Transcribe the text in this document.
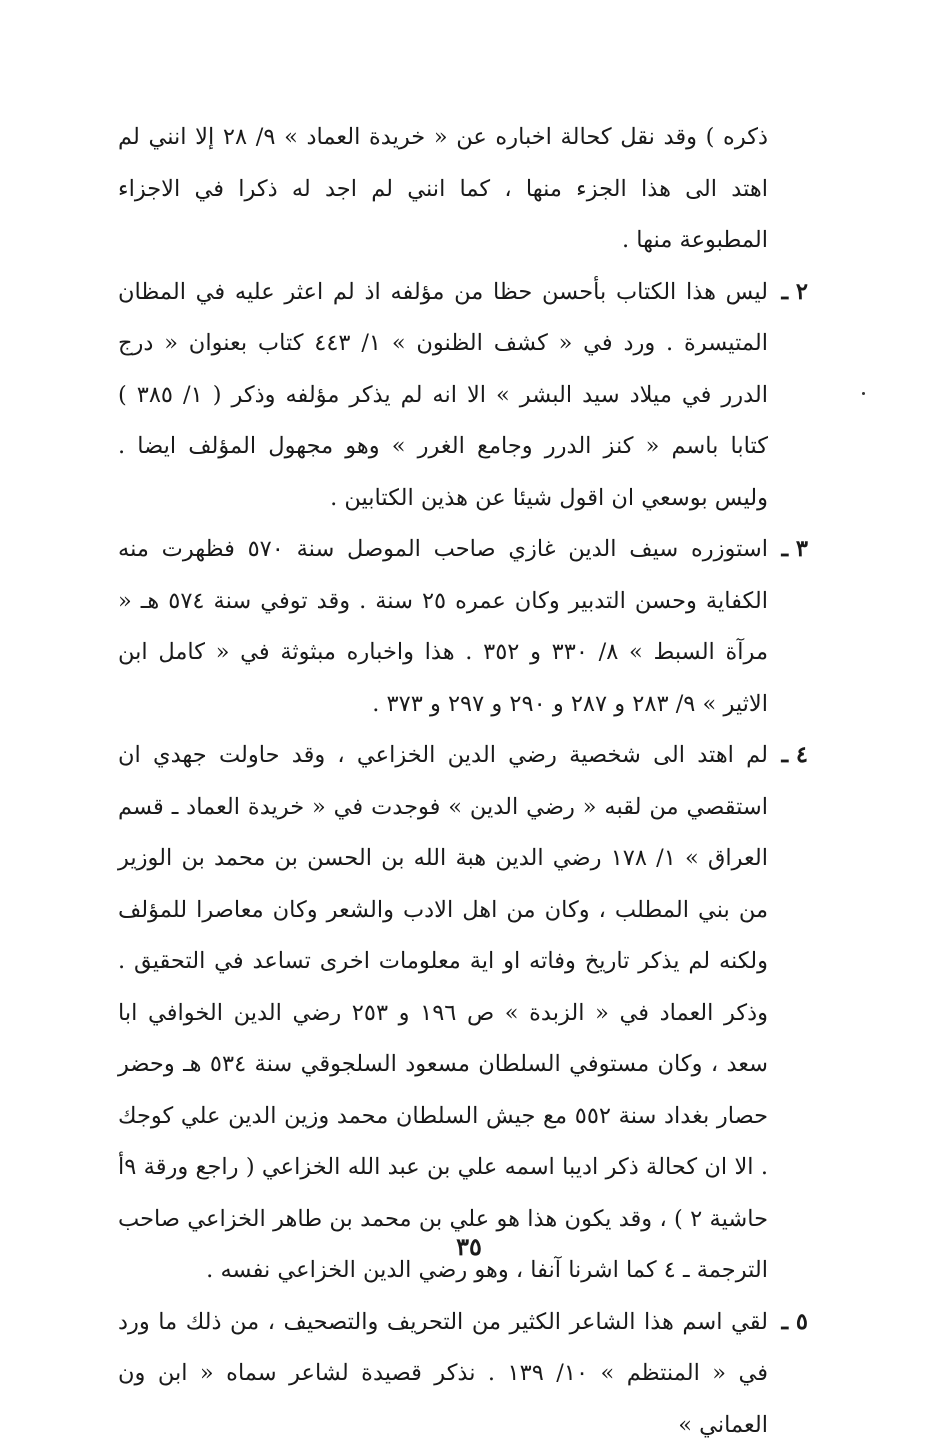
ذكره ) وقد نقل كحالة اخباره عن « خريدة العماد » ٩/ ٢٨ إلا انني لم اهتد الى هذا الجزء منها ، كما انني لم اجد له ذكرا في الاجزاء المطبوعة منها .
٢ ـ
ليس هذا الكتاب بأحسن حظا من مؤلفه اذ لم اعثر عليه في المظان المتيسرة . ورد في « كشف الظنون » ١/ ٤٤٣ كتاب بعنوان « درج الدرر في ميلاد سيد البشر » الا انه لم يذكر مؤلفه وذكر ( ١/ ٣٨٥ ) كتابا باسم « كنز الدرر وجامع الغرر » وهو مجهول المؤلف ايضا . وليس بوسعي ان اقول شيئا عن هذين الكتابين .
٣ ـ
استوزره سيف الدين غازي صاحب الموصل سنة ٥٧٠ فظهرت منه الكفاية وحسن التدبير وكان عمره ٢٥ سنة . وقد توفي سنة ٥٧٤ هـ « مرآة السبط » ٨/ ٣٣٠ و ٣٥٢ . هذا واخباره مبثوثة في « كامل ابن الاثير » ٩/ ٢٨٣ و ٢٨٧ و ٢٩٠ و ٢٩٧ و ٣٧٣ .
٤ ـ
لم اهتد الى شخصية رضي الدين الخزاعي ، وقد حاولت جهدي ان استقصي من لقبه « رضي الدين » فوجدت في « خريدة العماد ـ قسم العراق » ١/ ١٧٨ رضي الدين هبة الله بن الحسن بن محمد بن الوزير من بني المطلب ، وكان من اهل الادب والشعر وكان معاصرا للمؤلف ولكنه لم يذكر تاريخ وفاته او اية معلومات اخرى تساعد في التحقيق . وذكر العماد في « الزبدة » ص ١٩٦ و ٢٥٣ رضي الدين الخوافي ابا سعد ، وكان مستوفي السلطان مسعود السلجوقي سنة ٥٣٤ هـ وحضر حصار بغداد سنة ٥٥٢ مع جيش السلطان محمد وزين الدين علي كوجك . الا ان كحالة ذكر اديبا اسمه علي بن عبد الله الخزاعي ( راجع ورقة ٩أ حاشية ٢ ) ، وقد يكون هذا هو علي بن محمد بن طاهر الخزاعي صاحب الترجمة ـ ٤ كما اشرنا آنفا ، وهو رضي الدين الخزاعي نفسه .
٥ ـ
لقي اسم هذا الشاعر الكثير من التحريف والتصحيف ، من ذلك ما ورد في « المنتظم » ١٠/ ١٣٩ . نذكر قصيدة لشاعر سماه « ابن ون العماني »
٣٥
